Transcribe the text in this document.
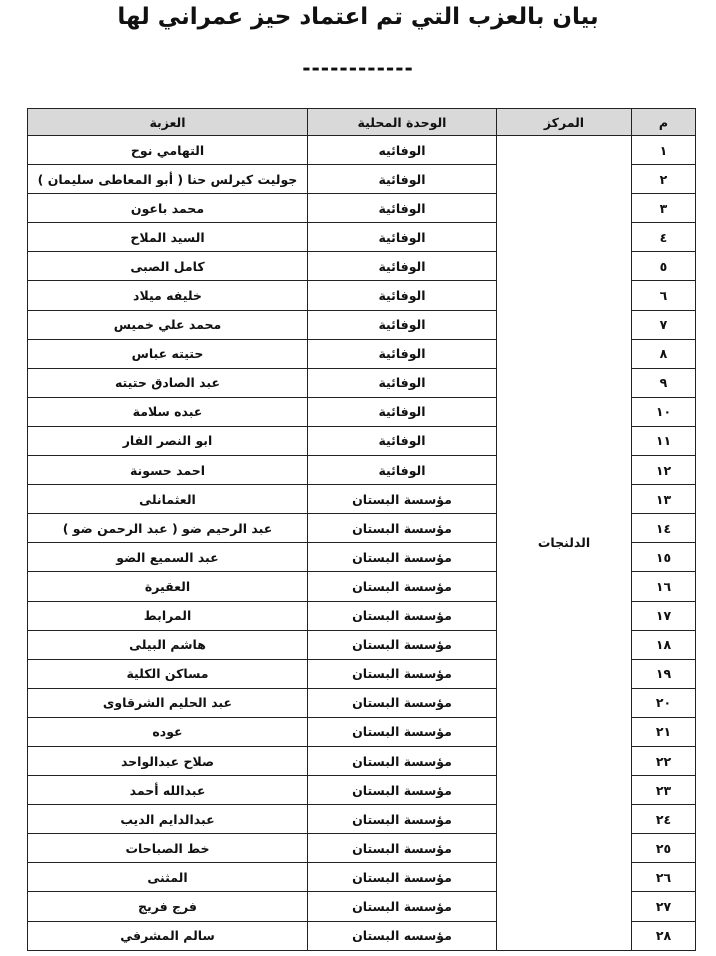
بيان بالعزب التي تم اعتماد حيز عمراني لها
------------
م	المركز	الوحدة المحلية	العزبة
١	الدلنجات	الوفائيه	التهامي نوح
٢		الوفائية	جوليت كيرلس حنا ( أبو المعاطى سليمان )
٣		الوفائية	محمد باعون
٤		الوفائية	السيد الملاح
٥		الوفائية	كامل الصبى
٦		الوفائية	خليفه ميلاد
٧		الوفائية	محمد علي خميس
٨		الوفائية	حتيته عباس
٩		الوفائية	عبد الصادق حتيته
١٠		الوفائية	عبده سلامة
١١		الوفائية	ابو النصر الفار
١٢		الوفائية	احمد حسونة
١٣		مؤسسة البستان	العثمانلى
١٤		مؤسسة البستان	عبد الرحيم ضو ( عبد الرحمن ضو )
١٥		مؤسسة البستان	عبد السميع الضو
١٦		مؤسسة البستان	العقيرة
١٧		مؤسسة البستان	المرابط
١٨		مؤسسة البستان	هاشم البيلى
١٩		مؤسسة البستان	مساكن الكلية
٢٠		مؤسسة البستان	عبد الحليم الشرقاوى
٢١		مؤسسة البستان	عوده
٢٢		مؤسسة البستان	صلاح عبدالواحد
٢٣		مؤسسة البستان	عبدالله أحمد
٢٤		مؤسسة البستان	عبدالدايم الديب
٢٥		مؤسسة البستان	خط الصباحات
٢٦		مؤسسة البستان	المثنى
٢٧		مؤسسة البستان	فرج فريج
٢٨		مؤسسه البستان	سالم المشرفي
